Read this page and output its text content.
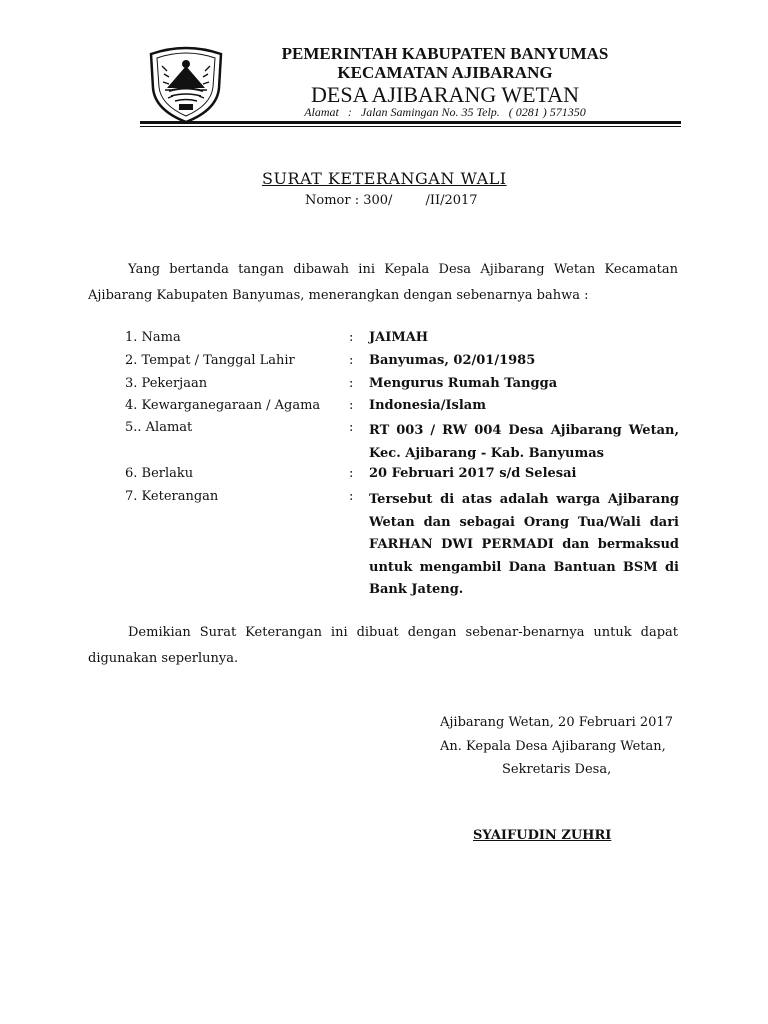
PEMERINTAH KABUPATEN BANYUMAS
KECAMATAN AJIBARANG
DESA AJIBARANG WETAN
Alamat   :   Jalan Samingan No. 35 Telp.   ( 0281 ) 571350
SURAT KETERANGAN WALI
Nomor : 300/        /II/2017
Yang bertanda tangan dibawah ini Kepala Desa Ajibarang Wetan Kecamatan Ajibarang Kabupaten Banyumas, menerangkan dengan sebenarnya bahwa :
1. Nama	: JAIMAH
2. Tempat / Tanggal Lahir	: Banyumas, 02/01/1985
3. Pekerjaan	: Mengurus Rumah Tangga
4. Kewarganegaraan / Agama : Indonesia/Islam
5.. Alamat	: RT 003 / RW 004 Desa Ajibarang Wetan, Kec. Ajibarang - Kab. Banyumas
6. Berlaku	: 20 Februari 2017 s/d Selesai
7. Keterangan	: Tersebut di atas adalah warga Ajibarang Wetan dan sebagai Orang Tua/Wali dari FARHAN DWI PERMADI dan bermaksud untuk mengambil Dana Bantuan BSM di Bank Jateng.
Demikian Surat Keterangan ini dibuat dengan sebenar-benarnya untuk dapat digunakan seperlunya.
Ajibarang Wetan, 20 Februari 2017
An. Kepala Desa Ajibarang Wetan,
Sekretaris Desa,
SYAIFUDIN ZUHRI
